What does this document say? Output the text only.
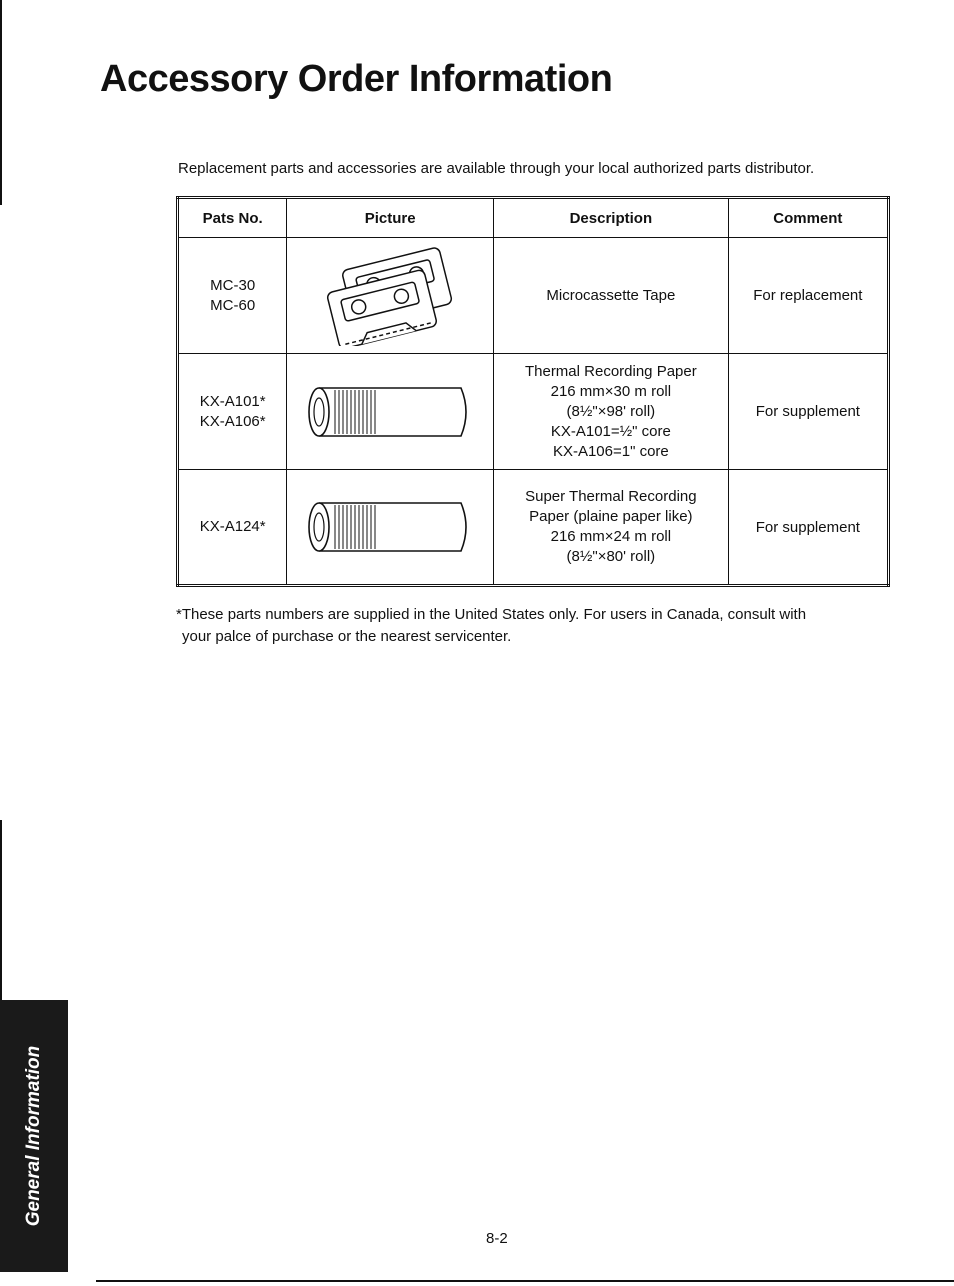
Accessory Order Information
Replacement parts and accessories are available through your local authorized parts distributor.
Pats No.	Picture	Description	Comment

MC-30
MC-60		Microcassette Tape	For replacement

KX-A101*
KX-A106*		Thermal Recording Paper
216 mm×30 m roll
(8½"×98' roll)
KX-A101=½" core
KX-A106=1" core	For supplement

KX-A124*		Super Thermal Recording
Paper (plaine paper like)
216 mm×24 m roll
(8½"×80' roll)	For supplement
*These parts numbers are supplied in the United States only. For users in Canada, consult with
your palce of purchase or the nearest servicenter.
General Information
8-2
